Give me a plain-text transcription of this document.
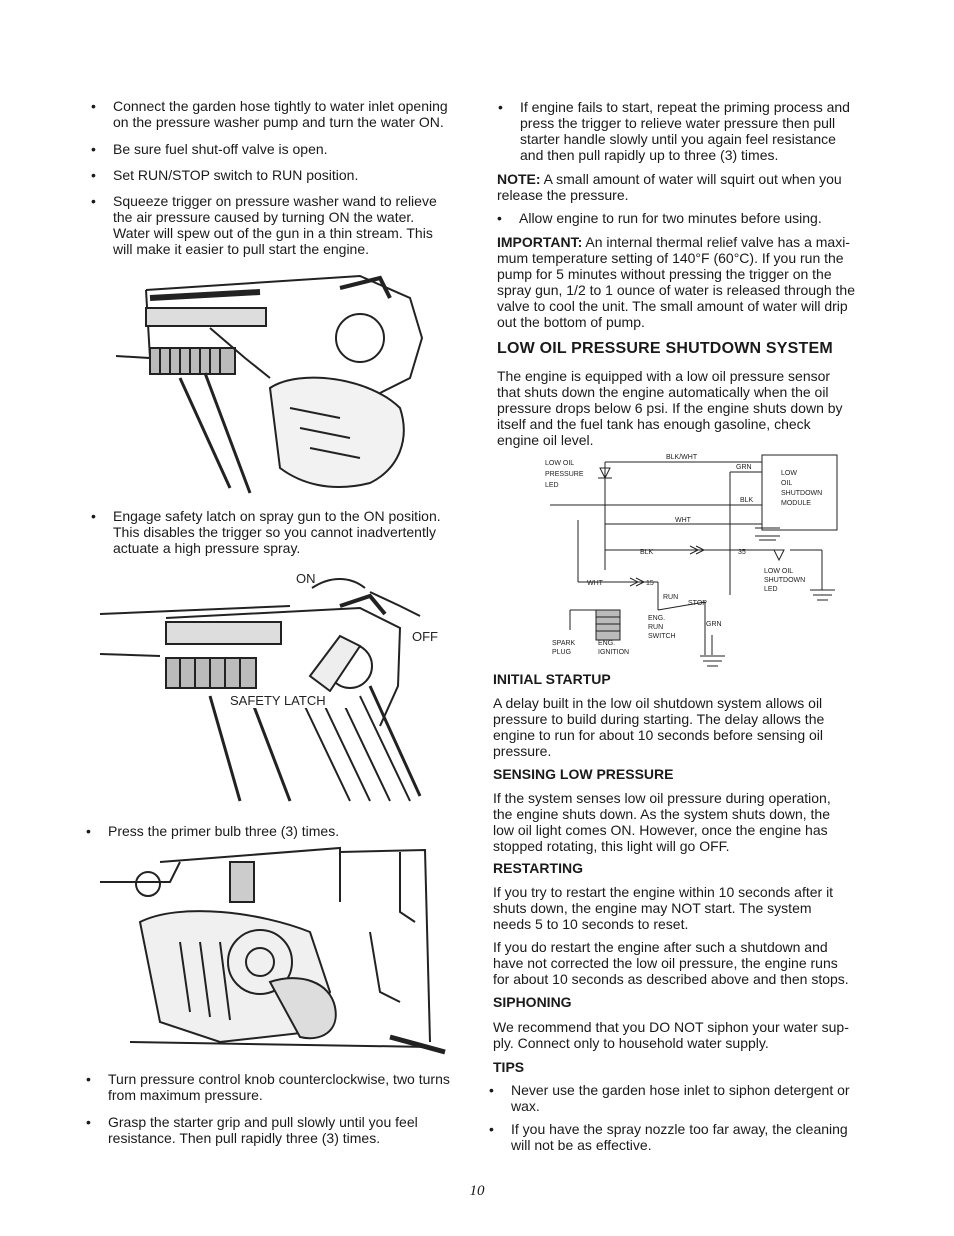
• Connect the garden hose tightly to water inlet opening
on the pressure washer pump and turn the water ON.
• Be sure fuel shut-off valve is open.
• Set RUN/STOP switch to RUN position.
• Squeeze trigger on pressure washer wand to relieve
the air pressure caused by turning ON the water.
Water will spew out of the gun in a thin stream. This
will make it easier to pull start the engine.
• Engage safety latch on spray gun to the ON position.
This disables the trigger so you cannot inadvertently
actuate a high pressure spray.
ON
OFF
SAFETY LATCH
• Press the primer bulb three (3) times.
• Turn pressure control knob counterclockwise, two turns
from maximum pressure.
• Grasp the starter grip and pull slowly until you feel
resistance. Then pull rapidly three (3) times.
• If engine fails to start, repeat the priming process and
press the trigger to relieve water pressure then pull
starter handle slowly until you again feel resistance
and then pull rapidly up to three (3) times.
NOTE: A small amount of water will squirt out when you
release the pressure.
• Allow engine to run for two minutes before using.
IMPORTANT: An internal thermal relief valve has a maxi-
mum temperature setting of 140°F (60°C). If you run the
pump for 5 minutes without pressing the trigger on the
spray gun, 1/2 to 1 ounce of water is released through the
valve to cool the unit. The small amount of water will drip
out the bottom of pump.
LOW OIL PRESSURE SHUTDOWN SYSTEM
The engine is equipped with a low oil pressure sensor
that shuts down the engine automatically when the oil
pressure drops below 6 psi. If the engine shuts down by
itself and the fuel tank has enough gasoline, check
engine oil level.
LOW OIL
PRESSURE
LED
BLK/WHT
GRN
LOW
OIL
SHUTDOWN
MODULE
BLK
WHT
BLK	35
LOW OIL
SHUTDOWN
LED
WHT	15
RUN
STOP
ENG.
RUN
SWITCH
GRN
SPARK
PLUG
ENG.
IGNITION
INITIAL STARTUP
A delay built in the low oil shutdown system allows oil
pressure to build during starting. The delay allows the
engine to run for about 10 seconds before sensing oil
pressure.
SENSING LOW PRESSURE
If the system senses low oil pressure during operation,
the engine shuts down. As the system shuts down, the
low oil light comes ON. However, once the engine has
stopped rotating, this light will go OFF.
RESTARTING
If you try to restart the engine within 10 seconds after it
shuts down, the engine may NOT start. The system
needs 5 to 10 seconds to reset.
If you do restart the engine after such a shutdown and
have not corrected the low oil pressure, the engine runs
for about 10 seconds as described above and then stops.
SIPHONING
We recommend that you DO NOT siphon your water sup-
ply. Connect only to household water supply.
TIPS
• Never use the garden hose inlet to siphon detergent or
wax.
• If you have the spray nozzle too far away, the cleaning
will not be as effective.
10
